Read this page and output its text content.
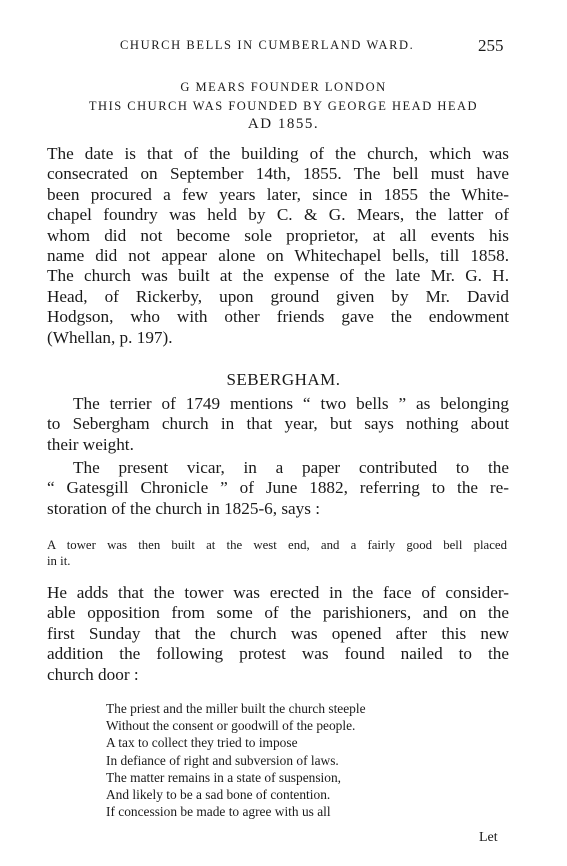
CHURCH BELLS IN CUMBERLAND WARD.	255
G MEARS FOUNDER LONDON
THIS CHURCH WAS FOUNDED BY GEORGE HEAD HEAD
AD 1855.
The date is that of the building of the church, which was
consecrated on September 14th, 1855. The bell must have
been procured a few years later, since in 1855 the White-
chapel foundry was held by C. & G. Mears, the latter of
whom did not become sole proprietor, at all events his
name did not appear alone on Whitechapel bells, till 1858.
The church was built at the expense of the late Mr. G. H.
Head, of Rickerby, upon ground given by Mr. David
Hodgson, who with other friends gave the endowment
(Whellan, p. 197).
SEBERGHAM.
The terrier of 1749 mentions “ two bells ” as belonging
to Sebergham church in that year, but says nothing about
their weight.
The present vicar, in a paper contributed to the
“ Gatesgill Chronicle ” of June 1882, referring to the re-
storation of the church in 1825-6, says :
A tower was then built at the west end, and a fairly good bell placed
in it.
He adds that the tower was erected in the face of consider-
able opposition from some of the parishioners, and on the
first Sunday that the church was opened after this new
addition the following protest was found nailed to the
church door :
The priest and the miller built the church steeple
Without the consent or goodwill of the people.
A tax to collect they tried to impose
In defiance of right and subversion of laws.
The matter remains in a state of suspension,
And likely to be a sad bone of contention.
If concession be made to agree with us all
Let
